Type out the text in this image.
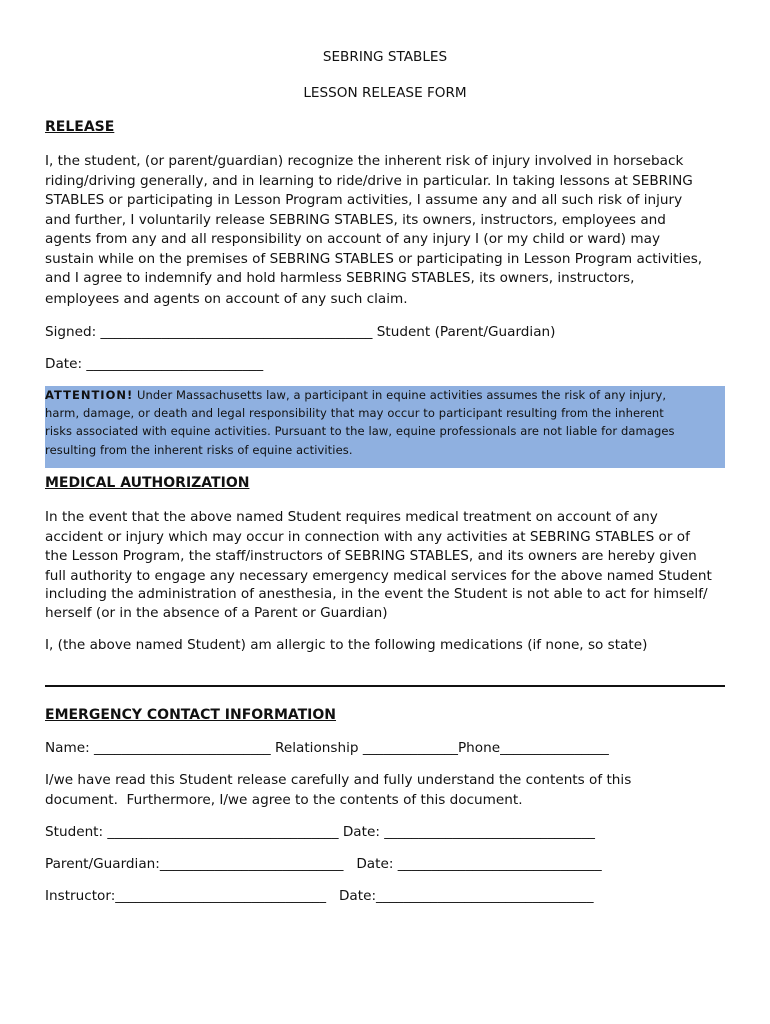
SEBRING STABLES
LESSON RELEASE FORM
RELEASE
I, the student, (or parent/guardian) recognize the inherent risk of injury involved in horseback
riding/driving generally, and in learning to ride/drive in particular. In taking lessons at SEBRING
STABLES or participating in Lesson Program activities, I assume any and all such risk of injury
and further, I voluntarily release SEBRING STABLES, its owners, instructors, employees and
agents from any and all responsibility on account of any injury I (or my child or ward) may
sustain while on the premises of SEBRING STABLES or participating in Lesson Program activities,
and I agree to indemnify and hold harmless SEBRING STABLES, its owners, instructors,
employees and agents on account of any such claim.
Signed: ________________________________________ Student (Parent/Guardian)
Date: __________________________
ATTENTION! Under Massachusetts law, a participant in equine activities assumes the risk of any injury,
harm, damage, or death and legal responsibility that may occur to participant resulting from the inherent
risks associated with equine activities. Pursuant to the law, equine professionals are not liable for damages
resulting from the inherent risks of equine activities.
MEDICAL AUTHORIZATION
In the event that the above named Student requires medical treatment on account of any
accident or injury which may occur in connection with any activities at SEBRING STABLES or of
the Lesson Program, the staff/instructors of SEBRING STABLES, and its owners are hereby given
full authority to engage any necessary emergency medical services for the above named Student
including the administration of anesthesia, in the event the Student is not able to act for himself/
herself (or in the absence of a Parent or Guardian)
I, (the above named Student) am allergic to the following medications (if none, so state)
EMERGENCY CONTACT INFORMATION
Name: __________________________ Relationship ______________Phone________________
I/we have read this Student release carefully and fully understand the contents of this
document.  Furthermore, I/we agree to the contents of this document.
Student: __________________________________ Date: _______________________________
Parent/Guardian:___________________________   Date: ______________________________
Instructor:_______________________________   Date:________________________________
